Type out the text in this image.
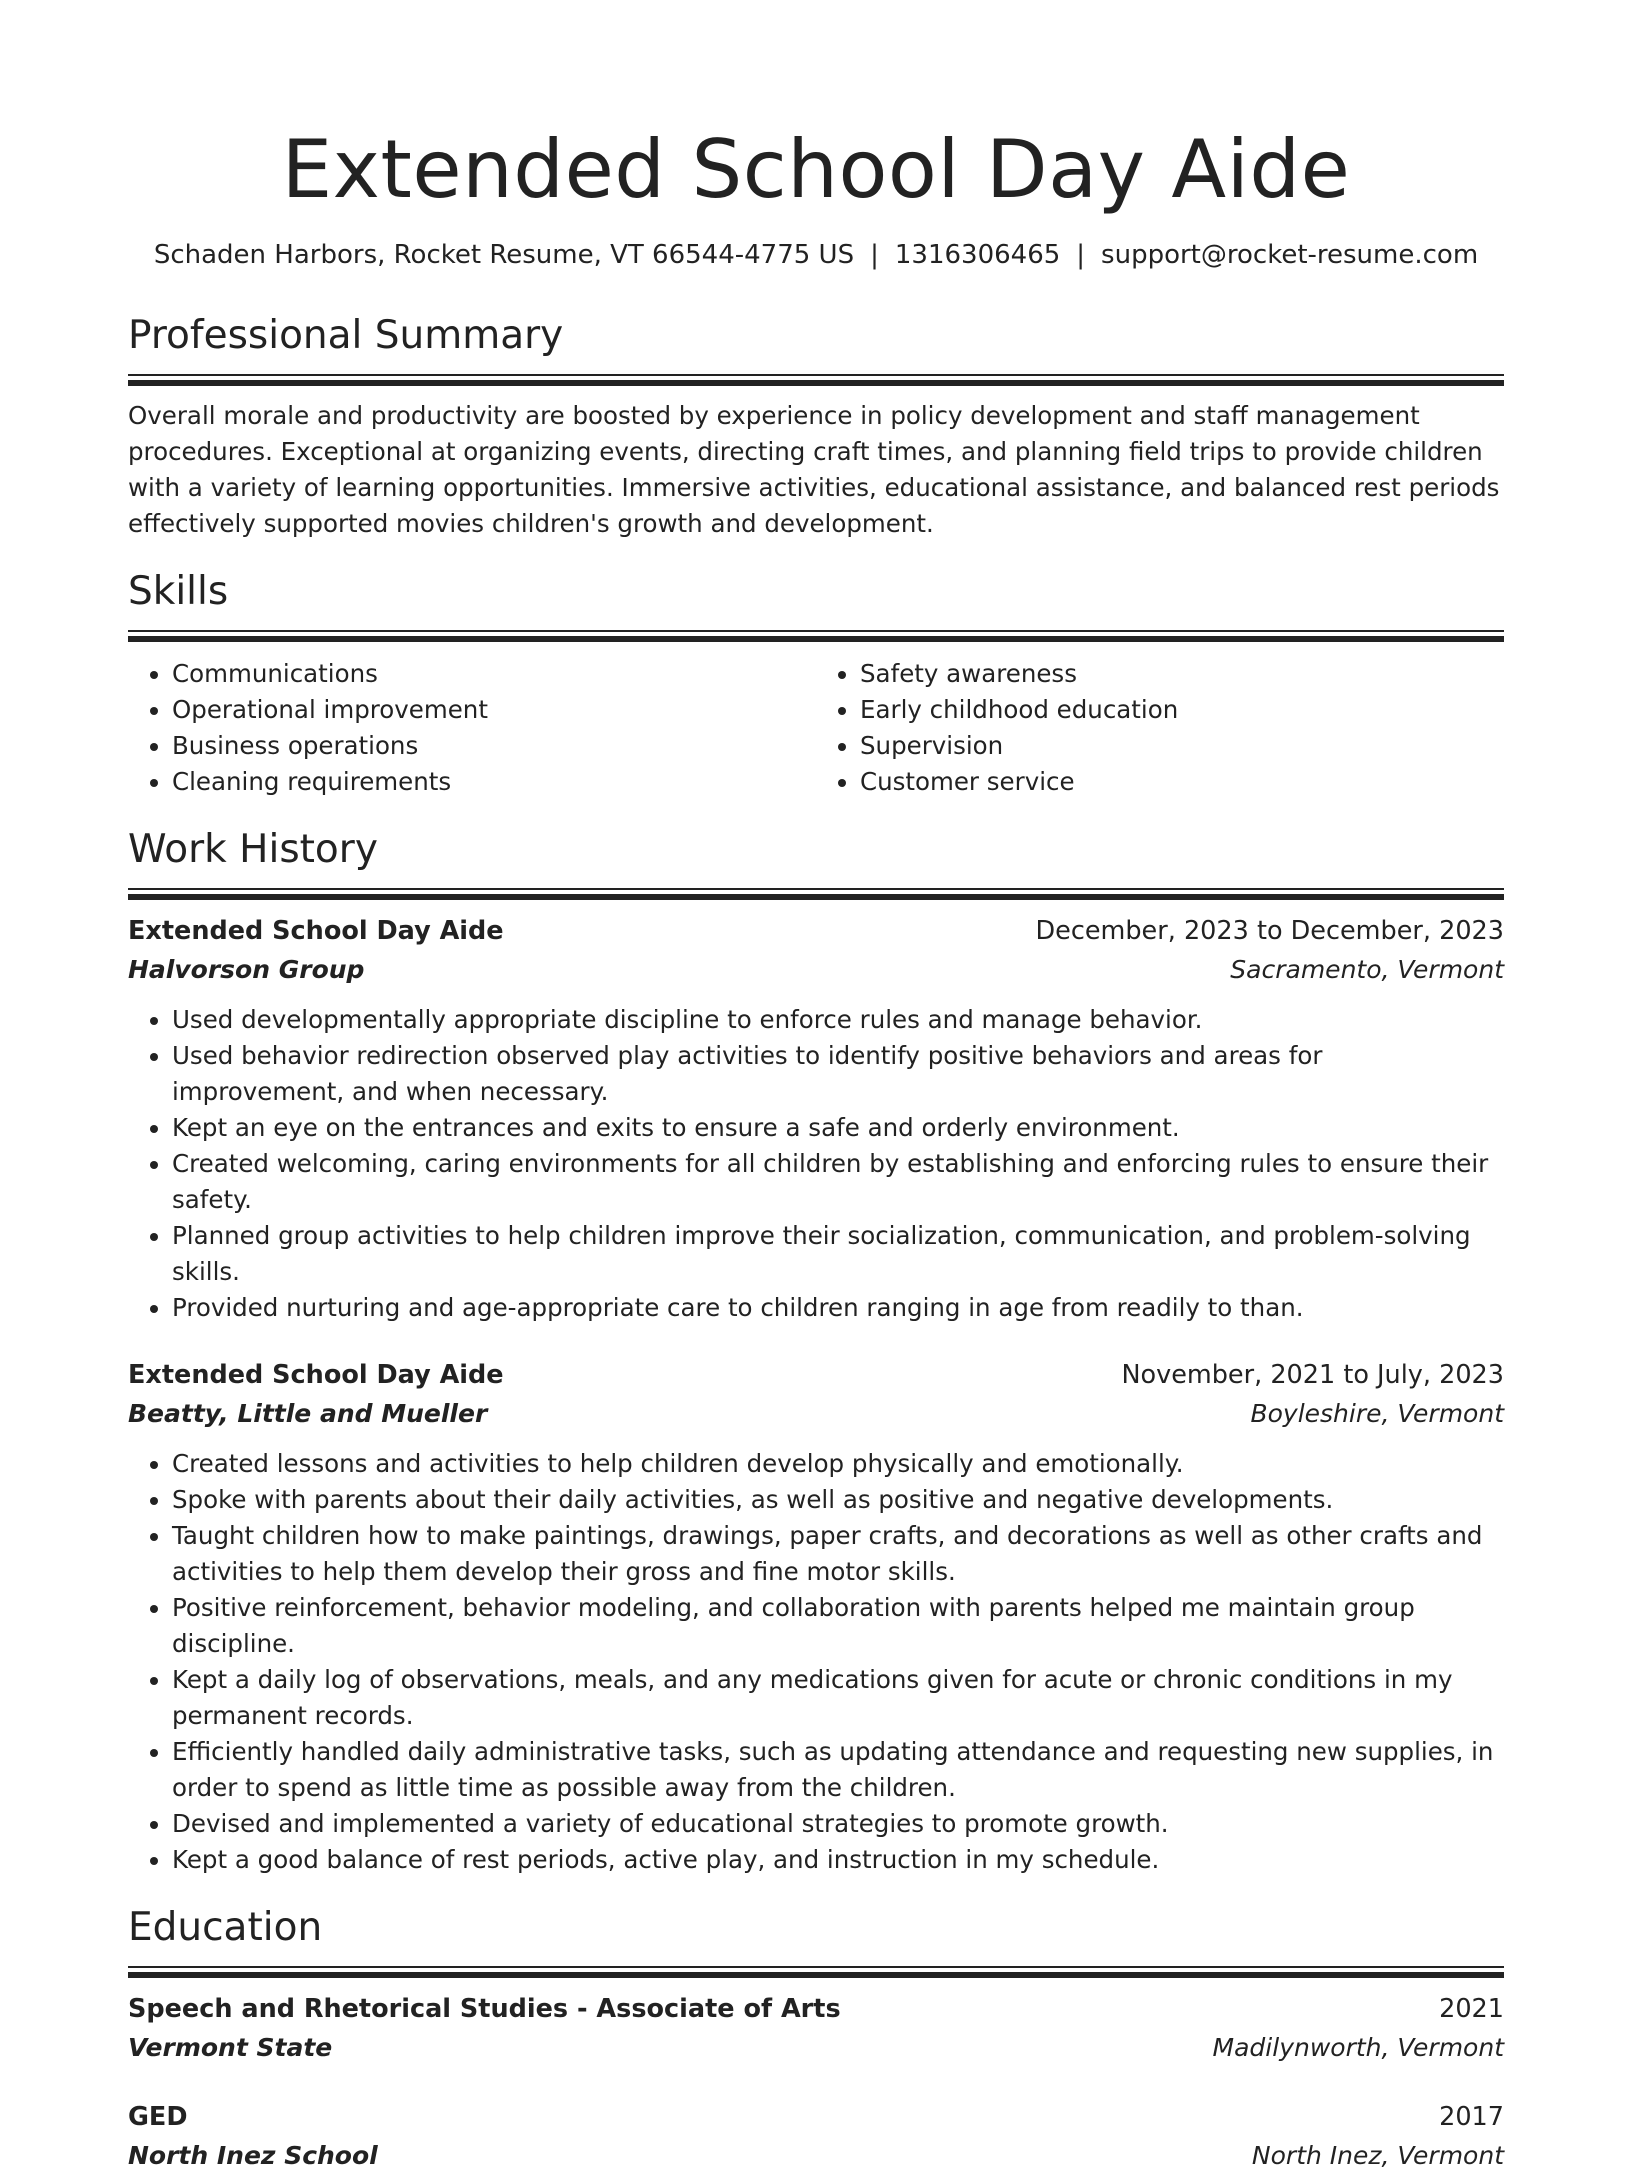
Extended School Day Aide
Schaden Harbors, Rocket Resume, VT 66544-4775 US | 1316306465 | support@rocket-resume.com
Professional Summary

Overall morale and productivity are boosted by experience in policy development and staff management procedures. Exceptional at organizing events, directing craft times, and planning field trips to provide children with a variety of learning opportunities. Immersive activities, educational assistance, and balanced rest periods effectively supported movies children's growth and development.

Skills
• Communications
• Operational improvement
• Business operations
• Cleaning requirements
• Safety awareness
• Early childhood education
• Supervision
• Customer service
Work History
Extended School Day Aide	December, 2023 to December, 2023
Halvorson Group	Sacramento, Vermont
• Used developmentally appropriate discipline to enforce rules and manage behavior.
• Used behavior redirection observed play activities to identify positive behaviors and areas for improvement, and when necessary.
• Kept an eye on the entrances and exits to ensure a safe and orderly environment.
• Created welcoming, caring environments for all children by establishing and enforcing rules to ensure their safety.
• Planned group activities to help children improve their socialization, communication, and problem-solving skills.
• Provided nurturing and age-appropriate care to children ranging in age from readily to than.
Extended School Day Aide	November, 2021 to July, 2023
Beatty, Little and Mueller	Boyleshire, Vermont
• Created lessons and activities to help children develop physically and emotionally.
• Spoke with parents about their daily activities, as well as positive and negative developments.
• Taught children how to make paintings, drawings, paper crafts, and decorations as well as other crafts and activities to help them develop their gross and fine motor skills.
• Positive reinforcement, behavior modeling, and collaboration with parents helped me maintain group discipline.
• Kept a daily log of observations, meals, and any medications given for acute or chronic conditions in my permanent records.
• Efficiently handled daily administrative tasks, such as updating attendance and requesting new supplies, in order to spend as little time as possible away from the children.
• Devised and implemented a variety of educational strategies to promote growth.
• Kept a good balance of rest periods, active play, and instruction in my schedule.
Education
Speech and Rhetorical Studies - Associate of Arts	2021
Vermont State	Madilynworth, Vermont
GED	2017
North Inez School	North Inez, Vermont
